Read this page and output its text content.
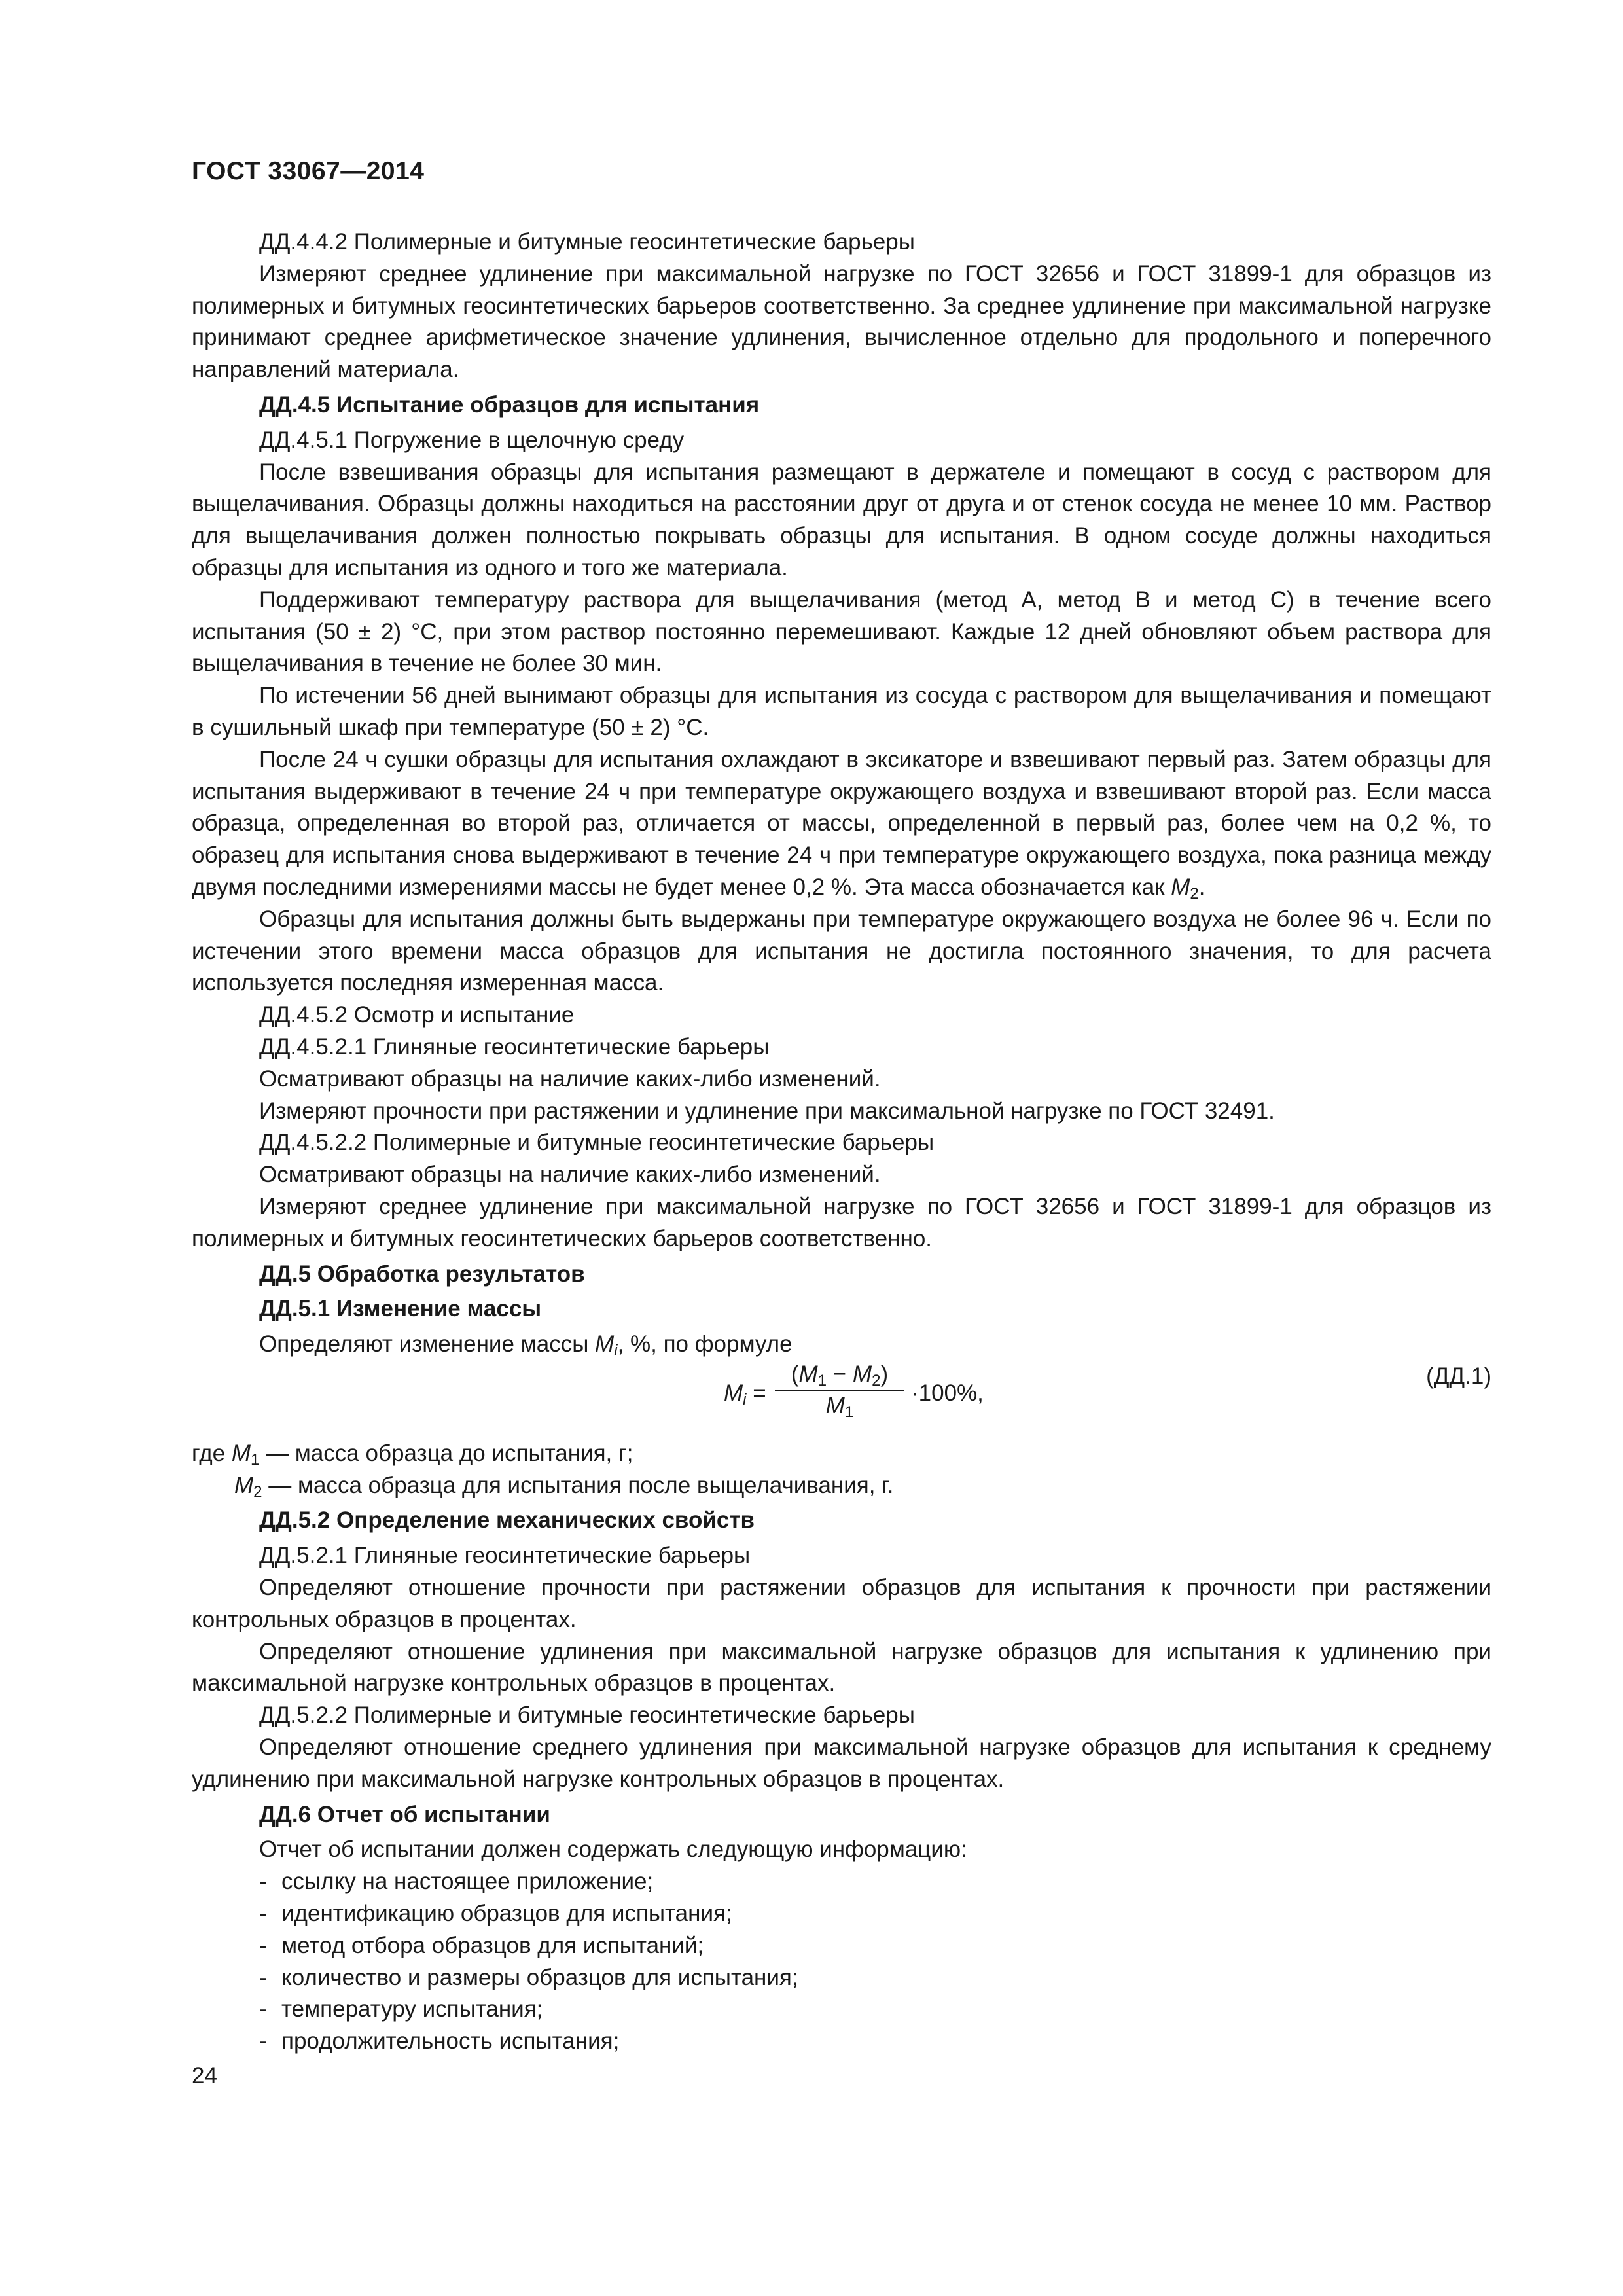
ГОСТ 33067—2014

ДД.4.4.2 Полимерные и битумные геосинтетические барьеры

Измеряют среднее удлинение при максимальной нагрузке по ГОСТ 32656 и ГОСТ 31899-1 для образцов из полимерных и битумных геосинтетических барьеров соответственно. За среднее удлинение при максимальной нагрузке принимают среднее арифметическое значение удлинения, вычисленное отдельно для продольного и поперечного направлений материала.

ДД.4.5 Испытание образцов для испытания

ДД.4.5.1 Погружение в щелочную среду

После взвешивания образцы для испытания размещают в держателе и помещают в сосуд с раствором для выщелачивания. Образцы должны находиться на расстоянии друг от друга и от стенок сосуда не менее 10 мм. Раствор для выщелачивания должен полностью покрывать образцы для испытания. В одном сосуде должны находиться образцы для испытания из одного и того же материала.

Поддерживают температуру раствора для выщелачивания (метод А, метод В и метод С) в течение всего испытания (50 ± 2) °С, при этом раствор постоянно перемешивают. Каждые 12 дней обновляют объем раствора для выщелачивания в течение не более 30 мин.

По истечении 56 дней вынимают образцы для испытания из сосуда с раствором для выщелачивания и помещают в сушильный шкаф при температуре (50 ± 2) °С.

После 24 ч сушки образцы для испытания охлаждают в эксикаторе и взвешивают первый раз. Затем образцы для испытания выдерживают в течение 24 ч при температуре окружающего воздуха и взвешивают второй раз. Если масса образца, определенная во второй раз, отличается от массы, определенной в первый раз, более чем на 0,2 %, то образец для испытания снова выдерживают в течение 24 ч при температуре окружающего воздуха, пока разница между двумя последними измерениями массы не будет менее 0,2 %. Эта масса обозначается как $M_2$.

Образцы для испытания должны быть выдержаны при температуре окружающего воздуха не более 96 ч. Если по истечении этого времени масса образцов для испытания не достигла постоянного значения, то для расчета используется последняя измеренная масса.

ДД.4.5.2 Осмотр и испытание

ДД.4.5.2.1 Глиняные геосинтетические барьеры

Осматривают образцы на наличие каких-либо изменений.

Измеряют прочности при растяжении и удлинение при максимальной нагрузке по ГОСТ 32491.

ДД.4.5.2.2 Полимерные и битумные геосинтетические барьеры

Осматривают образцы на наличие каких-либо изменений.

Измеряют среднее удлинение при максимальной нагрузке по ГОСТ 32656 и ГОСТ 31899-1 для образцов из полимерных и битумных геосинтетических барьеров соответственно.

ДД.5 Обработка результатов

ДД.5.1 Изменение массы

Определяют изменение массы $M_i$, %, по формуле

$M_i$ =
$(M_1 - M_2)$
$M_1$
·100%,
(ДД.1)

где $M_1$ — масса образца до испытания, г;

$M_2$ — масса образца для испытания после выщелачивания, г.

ДД.5.2 Определение механических свойств

ДД.5.2.1 Глиняные геосинтетические барьеры

Определяют отношение прочности при растяжении образцов для испытания к прочности при растяжении контрольных образцов в процентах.

Определяют отношение удлинения при максимальной нагрузке образцов для испытания к удлинению при максимальной нагрузке контрольных образцов в процентах.

ДД.5.2.2 Полимерные и битумные геосинтетические барьеры

Определяют отношение среднего удлинения при максимальной нагрузке образцов для испытания к среднему удлинению при максимальной нагрузке контрольных образцов в процентах.

ДД.6 Отчет об испытании

Отчет об испытании должен содержать следующую информацию:

- ссылку на настоящее приложение;

- идентификацию образцов для испытания;

- метод отбора образцов для испытаний;

- количество и размеры образцов для испытания;

- температуру испытания;

- продолжительность испытания;

24
